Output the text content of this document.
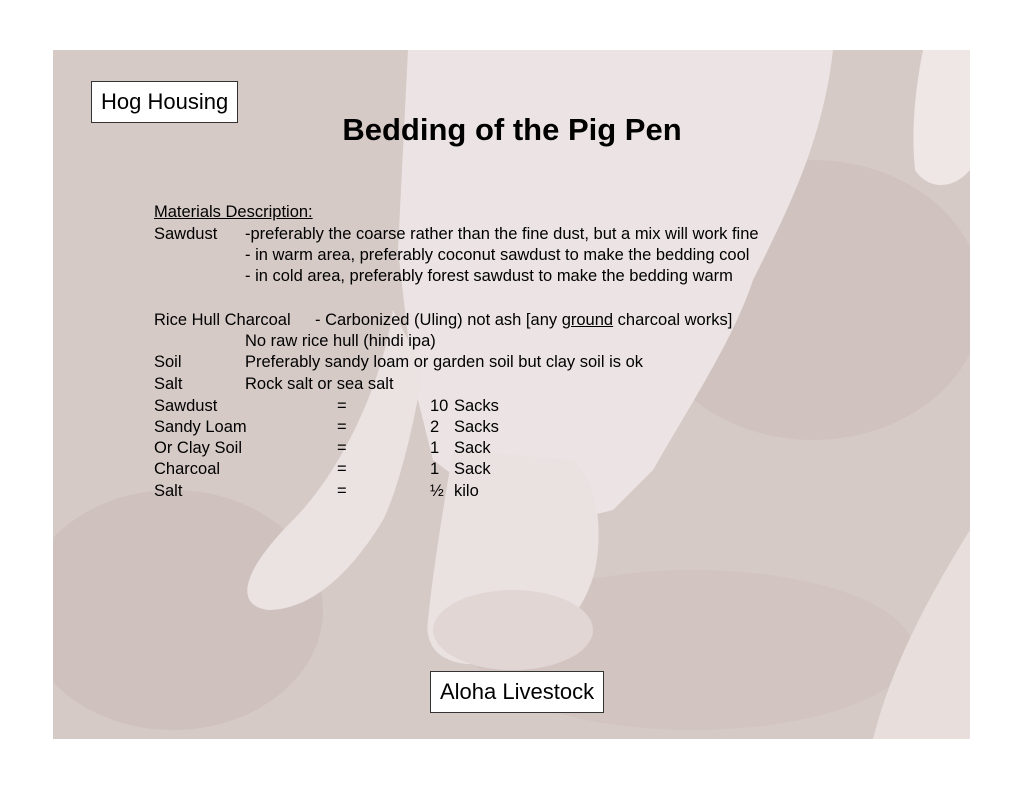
Hog Housing
Bedding of the Pig Pen
Materials Description:
Sawdust -preferably the coarse rather than the fine dust, but a mix will work fine
- in warm area, preferably coconut sawdust to make the bedding cool
- in cold area, preferably forest sawdust to make the bedding warm
Rice Hull Charcoal - Carbonized (Uling) not ash [any ground charcoal works]
No raw rice hull (hindi ipa)
Soil	Preferably sandy loam or garden soil but clay soil is ok
Salt	Rock salt or sea salt
Sawdust	=	10 Sacks
Sandy Loam	=	2 Sacks
Or Clay Soil	=	1 Sack
Charcoal	=	1 Sack
Salt	=	½ kilo
Aloha Livestock
